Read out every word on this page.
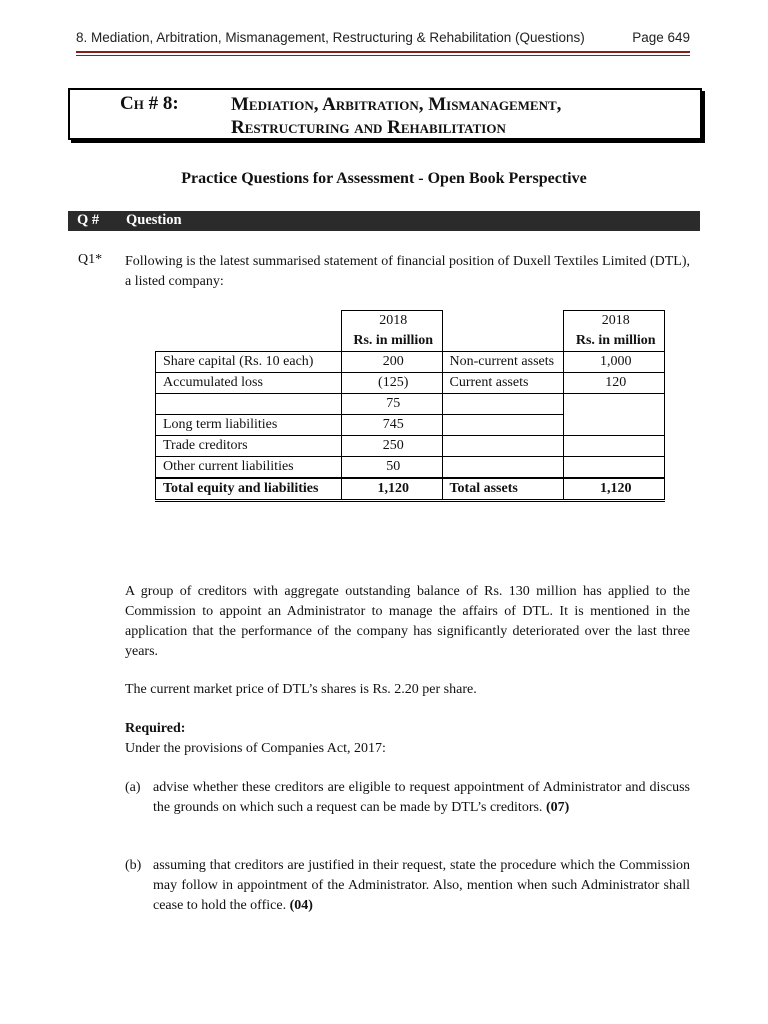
8. Mediation, Arbitration, Mismanagement, Restructuring & Rehabilitation (Questions)	Page 649
Ch # 8:	Mediation, Arbitration, Mismanagement,
Restructuring and Rehabilitation
Practice Questions for Assessment - Open Book Perspective
Q # Question
Q1* Following is the latest summarised statement of financial position of Duxell Textiles Limited (DTL), a listed company:
	2018		2018
	Rs. in million		Rs. in million
Share capital (Rs. 10 each)	200	Non-current assets	1,000
Accumulated loss	(125)	Current assets	120
	75		
Long term liabilities	745		
Trade creditors	250		
Other current liabilities	50		
Total equity and liabilities	1,120	Total assets	1,120
A group of creditors with aggregate outstanding balance of Rs. 130 million has applied to the Commission to appoint an Administrator to manage the affairs of DTL. It is mentioned in the application that the performance of the company has significantly deteriorated over the last three years.
The current market price of DTL’s shares is Rs. 2.20 per share.
Required:
Under the provisions of Companies Act, 2017:
(a) advise whether these creditors are eligible to request appointment of Administrator and discuss the grounds on which such a request can be made by DTL’s creditors. (07)
(b) assuming that creditors are justified in their request, state the procedure which the Commission may follow in appointment of the Administrator. Also, mention when such Administrator shall cease to hold the office. (04)
